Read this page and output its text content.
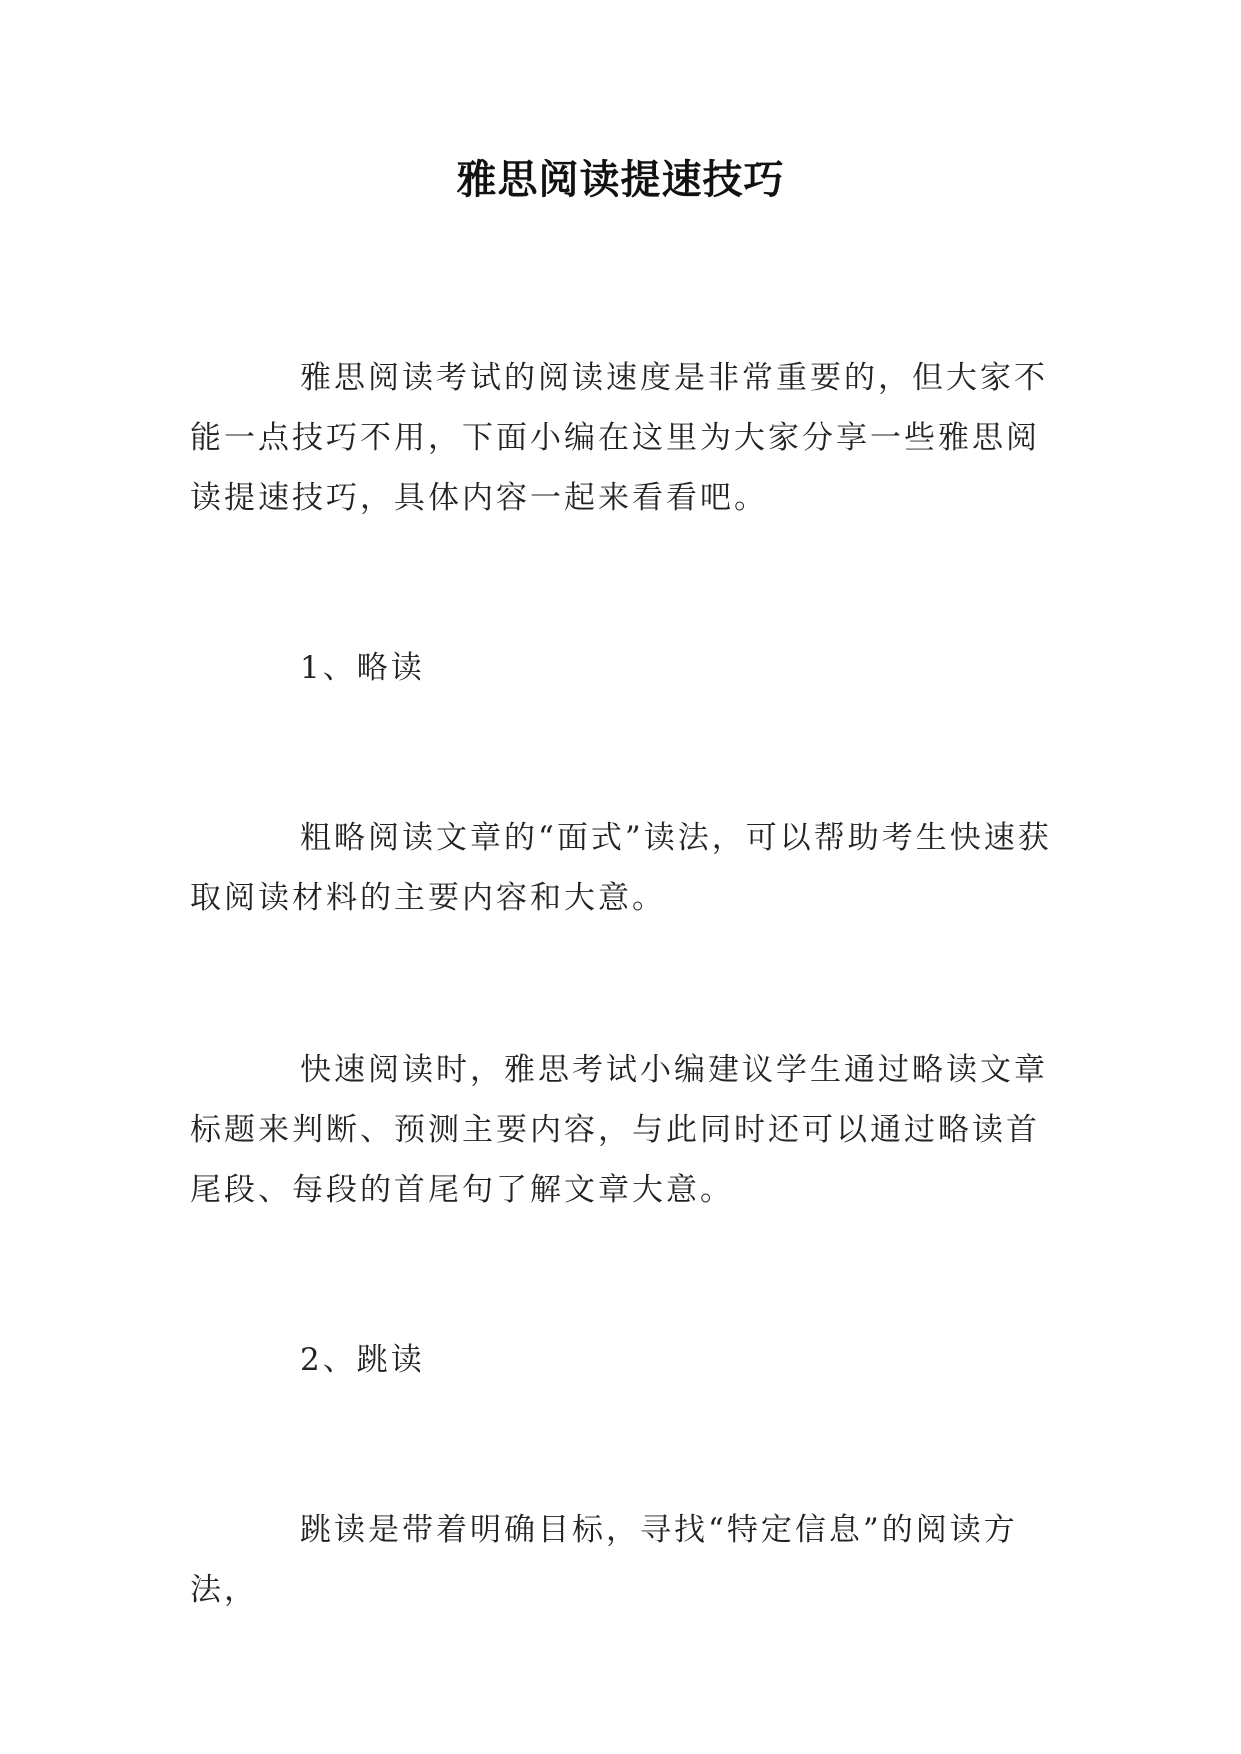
雅思阅读提速技巧

雅思阅读考试的阅读速度是非常重要的，但大家不能一点技巧不用，下面小编在这里为大家分享一些雅思阅读提速技巧，具体内容一起来看看吧。

1、略读

粗略阅读文章的“面式”读法，可以帮助考生快速获取阅读材料的主要内容和大意。

快速阅读时，雅思考试小编建议学生通过略读文章标题来判断、预测主要内容，与此同时还可以通过略读首尾段、每段的首尾句了解文章大意。

2、跳读

跳读是带着明确目标，寻找“特定信息”的阅读方法，
